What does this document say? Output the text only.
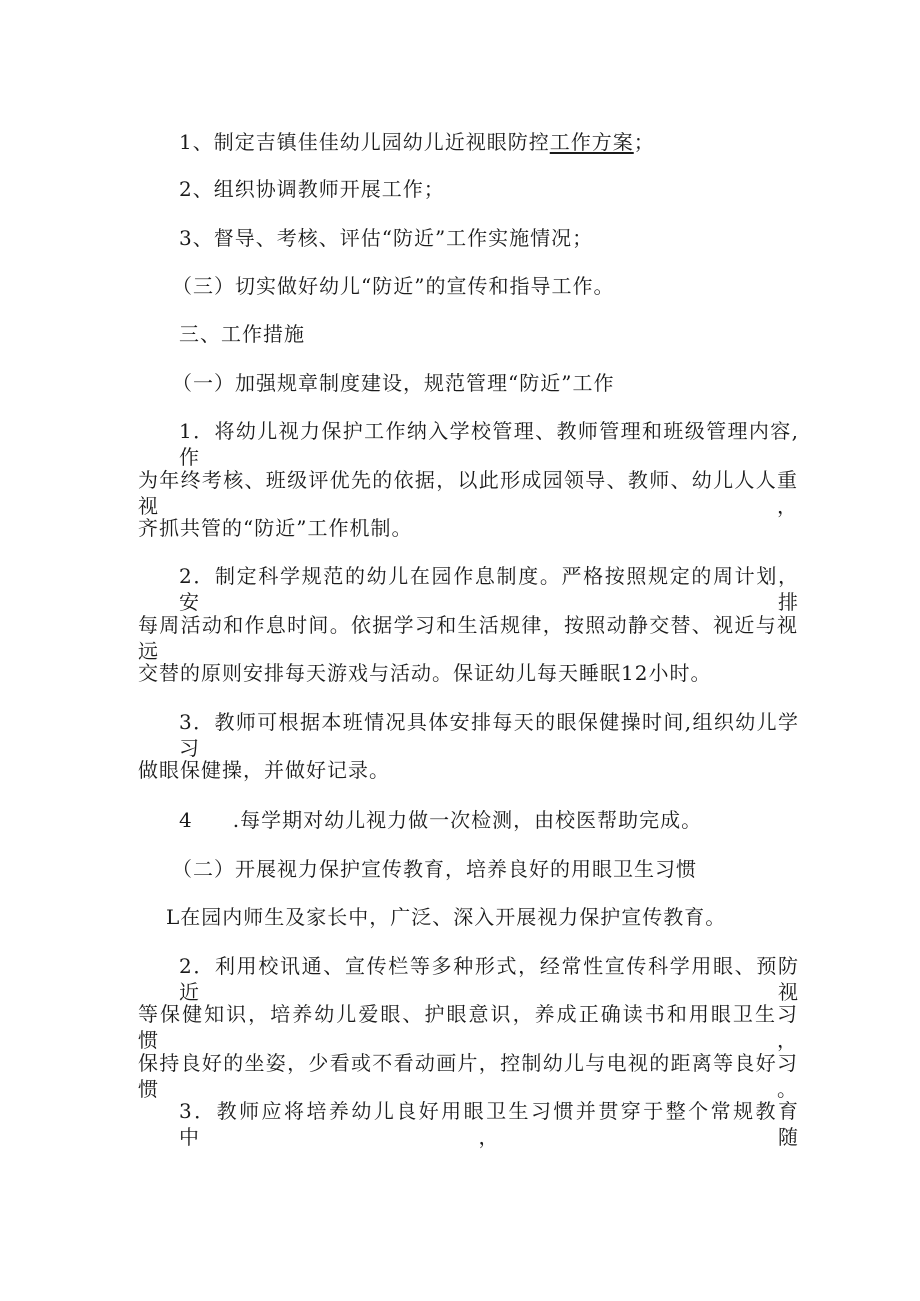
1、制定吉镇佳佳幼儿园幼儿近视眼防控工作方案；
2、组织协调教师开展工作；
3、督导、考核、评估“防近”工作实施情况；
（三）切实做好幼儿“防近”的宣传和指导工作。
三、工作措施
（一）加强规章制度建设，规范管理“防近”工作
1．将幼儿视力保护工作纳入学校管理、教师管理和班级管理内容,作
为年终考核、班级评优先的依据，以此形成园领导、教师、幼儿人人重视，
齐抓共管的“防近”工作机制。
2．制定科学规范的幼儿在园作息制度。严格按照规定的周计划，安排
每周活动和作息时间。依据学习和生活规律，按照动静交替、视近与视远
交替的原则安排每天游戏与活动。保证幼儿每天睡眠12小时。
3．教师可根据本班情况具体安排每天的眼保健操时间,组织幼儿学习
做眼保健操，并做好记录。
4 .每学期对幼儿视力做一次检测，由校医帮助完成。
（二）开展视力保护宣传教育，培养良好的用眼卫生习惯
L在园内师生及家长中，广泛、深入开展视力保护宣传教育。
2．利用校讯通、宣传栏等多种形式，经常性宣传科学用眼、预防近视
等保健知识，培养幼儿爱眼、护眼意识，养成正确读书和用眼卫生习惯，
保持良好的坐姿，少看或不看动画片，控制幼儿与电视的距离等良好习惯。
3．教师应将培养幼儿良好用眼卫生习惯并贯穿于整个常规教育中，随
